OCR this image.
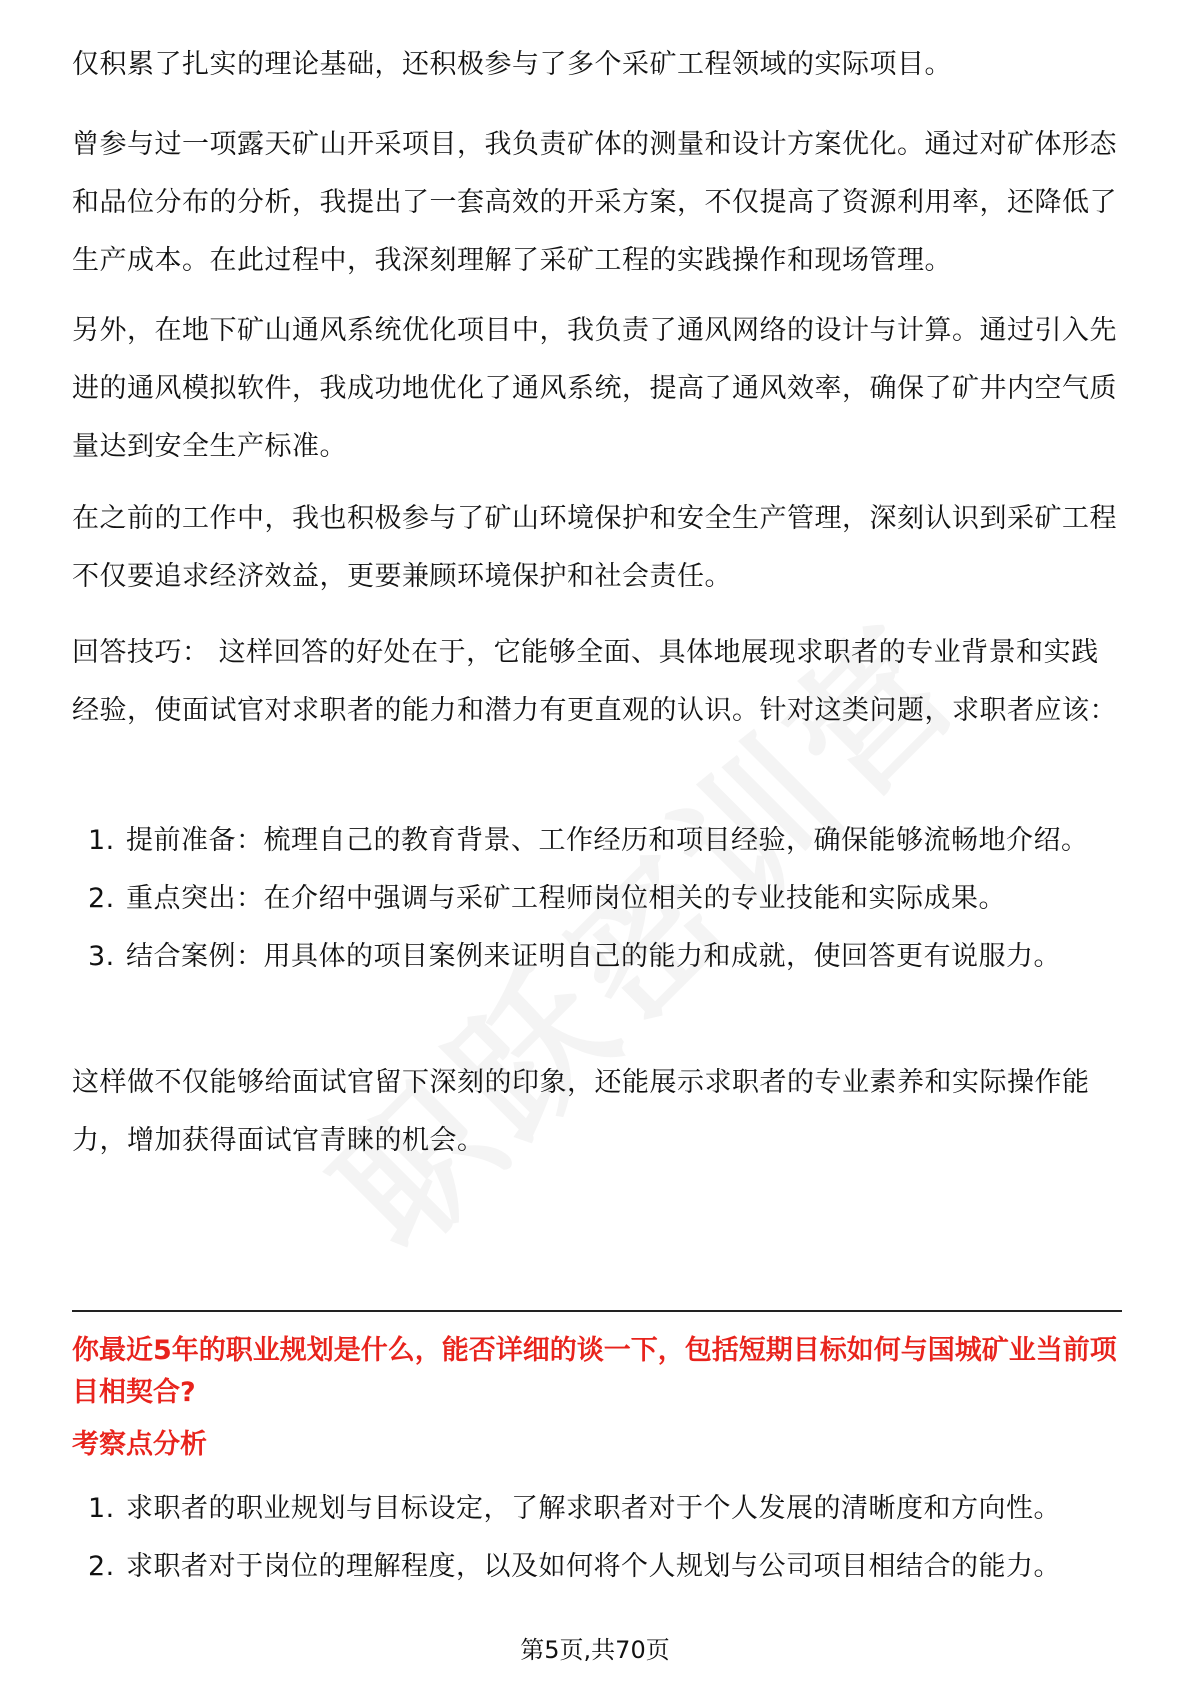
仅积累了扎实的理论基础，还积极参与了多个采矿工程领域的实际项目。

曾参与过一项露天矿山开采项目，我负责矿体的测量和设计方案优化。通过对矿体形态和品位分布的分析，我提出了一套高效的开采方案，不仅提高了资源利用率，还降低了生产成本。在此过程中，我深刻理解了采矿工程的实践操作和现场管理。

另外，在地下矿山通风系统优化项目中，我负责了通风网络的设计与计算。通过引入先进的通风模拟软件，我成功地优化了通风系统，提高了通风效率，确保了矿井内空气质量达到安全生产标准。

在之前的工作中，我也积极参与了矿山环境保护和安全生产管理，深刻认识到采矿工程不仅要追求经济效益，更要兼顾环境保护和社会责任。

回答技巧： 这样回答的好处在于，它能够全面、具体地展现求职者的专业背景和实践经验，使面试官对求职者的能力和潜力有更直观的认识。针对这类问题，求职者应该：

1. 提前准备：梳理自己的教育背景、工作经历和项目经验，确保能够流畅地介绍。
2. 重点突出：在介绍中强调与采矿工程师岗位相关的专业技能和实际成果。
3. 结合案例：用具体的项目案例来证明自己的能力和成就，使回答更有说服力。

这样做不仅能够给面试官留下深刻的印象，还能展示求职者的专业素养和实际操作能力，增加获得面试官青睐的机会。

你最近5年的职业规划是什么，能否详细的谈一下，包括短期目标如何与国城矿业当前项目相契合?

考察点分析

1. 求职者的职业规划与目标设定，了解求职者对于个人发展的清晰度和方向性。
2. 求职者对于岗位的理解程度，以及如何将个人规划与公司项目相结合的能力。
第5页,共70页
